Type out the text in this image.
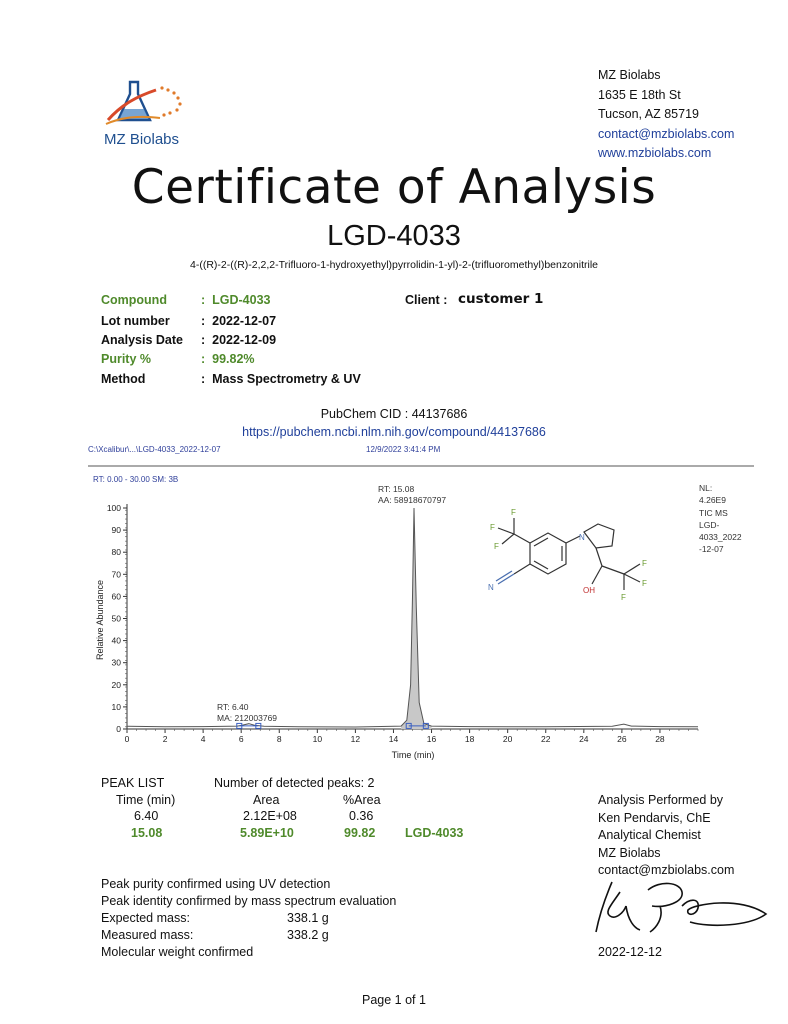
MZ Biolabs
MZ Biolabs
1635 E 18th St
Tucson, AZ 85719
contact@mzbiolabs.com
www.mzbiolabs.com
Certificate of Analysis
LGD-4033
4-((R)-2-((R)-2,2,2-Trifluoro-1-hydroxyethyl)pyrrolidin-1-yl)-2-(trifluoromethyl)benzonitrile
Compound	: LGD-4033
Lot number	: 2022-12-07
Analysis Date : 2022-12-09
Purity %	: 99.82%
Method	: Mass Spectrometry & UV
Client : customer 1
PubChem CID : 44137686
https://pubchem.ncbi.nlm.nih.gov/compound/44137686
C:\Xcalibur\...\LGD-4033_2022-12-07	12/9/2022 3:41:4 PM
RT: 0.00 - 30.00 SM: 3B
Relative Abundance
Time (min)
0
10
20
30
40
50
60
70
80
90
100
0	2	4	6	8	10	12	14	16	18	20	22	24	26	28
RT: 15.08
AA: 58918670797
RT: 6.40
MA: 212003769
NL:
4.26E9
TIC MS
LGD-
4033_2022
-12-07
N
N	OH
F
F
F
F
F
F
PEAK LIST	Number of detected peaks: 2
Time (min)	Area	%Area
6.40	2.12E+08	0.36
15.08	5.89E+10	99.82 LGD-4033
Analysis Performed by
Ken Pendarvis, ChE
Analytical Chemist
MZ Biolabs
contact@mzbiolabs.com
2022-12-12
Peak purity confirmed using UV detection
Peak identity confirmed by mass spectrum evaluation
Expected mass:	338.1 g
Measured mass:	338.2 g
Molecular weight confirmed
Page 1 of 1
